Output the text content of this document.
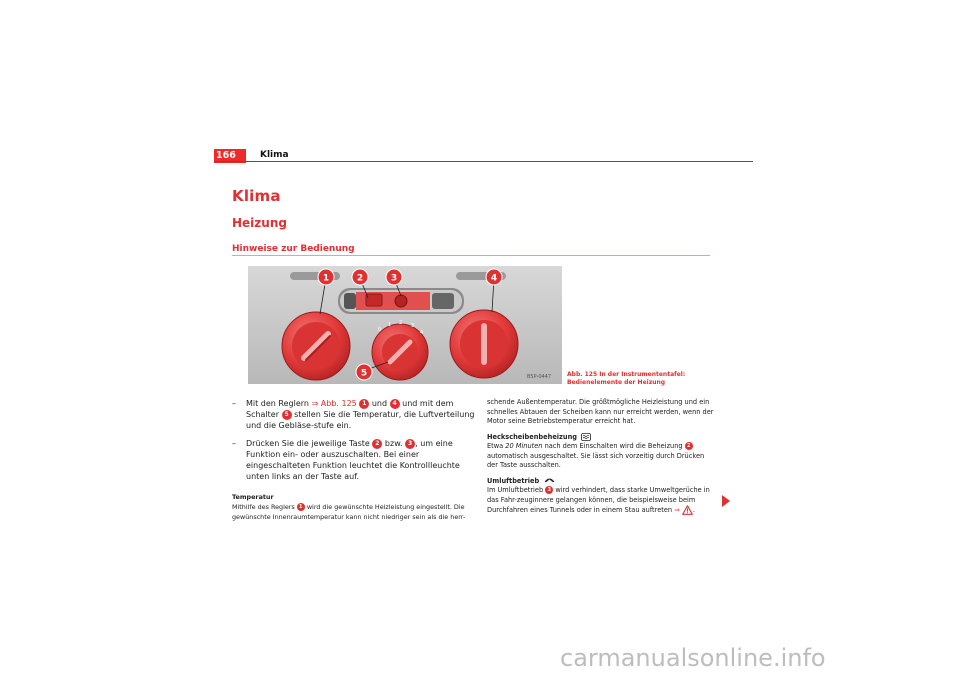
166	Klima
Klima
Heizung
Hinweise zur Bedienung
0
1 2 3
4
1	2	3	4
5	B5P-0447	Abb. 125 In der Instrumententafel: Bedienelemente der Heizung
– Mit den Reglern ⇒ Abb. 125 1 und 4 und mit dem Schalter 5 stellen Sie die Temperatur, die Luftverteilung und die Gebläse-stufe ein.
– Drücken Sie die jeweilige Taste 2 bzw. 3 , um eine Funktion ein- oder auszuschalten. Bei einer eingeschalteten Funktion leuchtet die Kontrollleuchte unten links an der Taste auf.
Temperatur

Mithilfe des Reglers 1 wird die gewünschte Heizleistung eingestellt. Die gewünschte Innenraumtemperatur kann nicht niedriger sein als die herr-

schende Außentemperatur. Die größtmögliche Heizleistung und ein schnelles Abtauen der Scheiben kann nur erreicht werden, wenn der Motor seine Betriebstemperatur erreicht hat.

Heckscheibenbeheizung

Etwa 20 Minuten nach dem Einschalten wird die Beheizung 2 automatisch ausgeschaltet. Sie lässt sich vorzeitig durch Drücken der Taste ausschalten.

Umluftbetrieb

Im Umluftbetrieb 3 wird verhindert, dass starke Umweltgerüche in das Fahr-zeuginnere gelangen können, die beispielsweise beim Durchfahren eines Tunnels oder in einem Stau auftreten ⇒ .

carmanualsonline.info
